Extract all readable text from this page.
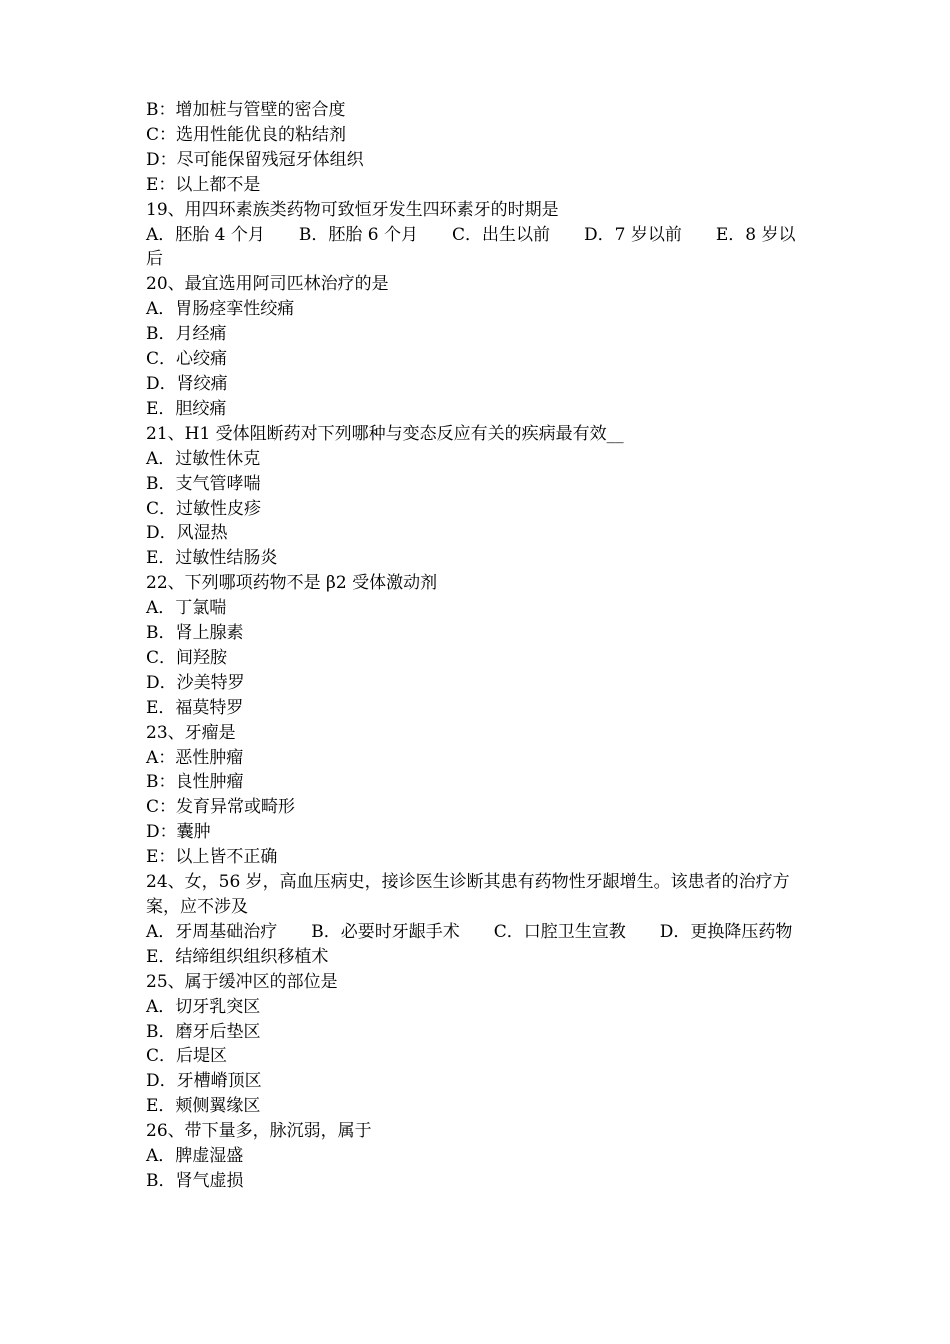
B：增加桩与管壁的密合度

C：选用性能优良的粘结剂

D：尽可能保留残冠牙体组织

E：以上都不是

19、用四环素族类药物可致恒牙发生四环素牙的时期是

A．胚胎 4 个月　　B．胚胎 6 个月　　C．出生以前　　D．7 岁以前　　E．8 岁以后

20、最宜选用阿司匹林治疗的是

A．胃肠痉挛性绞痛

B．月经痛

C．心绞痛

D．肾绞痛

E．胆绞痛

21、H1 受体阻断药对下列哪种与变态反应有关的疾病最有效__

A．过敏性休克

B．支气管哮喘

C．过敏性皮疹

D．风湿热

E．过敏性结肠炎

22、下列哪项药物不是 β2 受体激动剂

A．丁氯喘

B．肾上腺素

C．间羟胺

D．沙美特罗

E．福莫特罗

23、牙瘤是

A：恶性肿瘤

B：良性肿瘤

C：发育异常或畸形

D：囊肿

E：以上皆不正确

24、女，56 岁，高血压病史，接诊医生诊断其患有药物性牙龈增生。该患者的治疗方案，应不涉及

A．牙周基础治疗　　B．必要时牙龈手术　　C．口腔卫生宣教　　D．更换降压药物　　E．结缔组织组织移植术

25、属于缓冲区的部位是

A．切牙乳突区

B．磨牙后垫区

C．后堤区

D．牙槽嵴顶区

E．颊侧翼缘区

26、带下量多，脉沉弱，属于

A．脾虚湿盛

B．肾气虚损
